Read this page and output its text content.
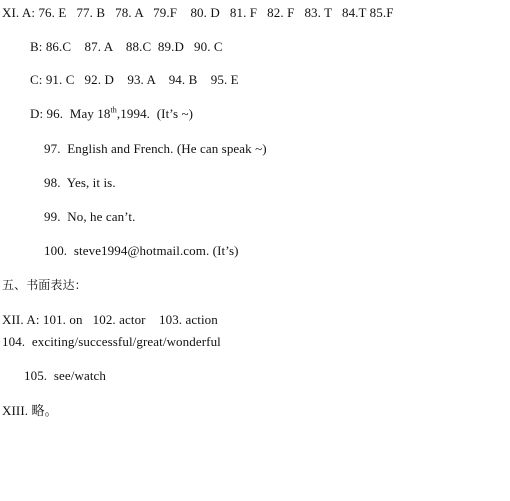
XI. A: 76. E   77. B   78. A   79.F    80. D   81. F   82. F   83. T   84.T 85.F
B: 86.C    87. A    88.C  89.D   90. C
C: 91. C   92. D    93. A    94. B    95. E
D: 96.  May 18th,1994.  (It’s ~)
97.  English and French. (He can speak ~)
98.  Yes, it is.
99.  No, he can’t.
100.  steve1994@hotmail.com. (It’s)
五、书面表达：
XII. A: 101. on   102. actor    103. action
104.  exciting/successful/great/wonderful
105.  see/watch
XIII. 略。
